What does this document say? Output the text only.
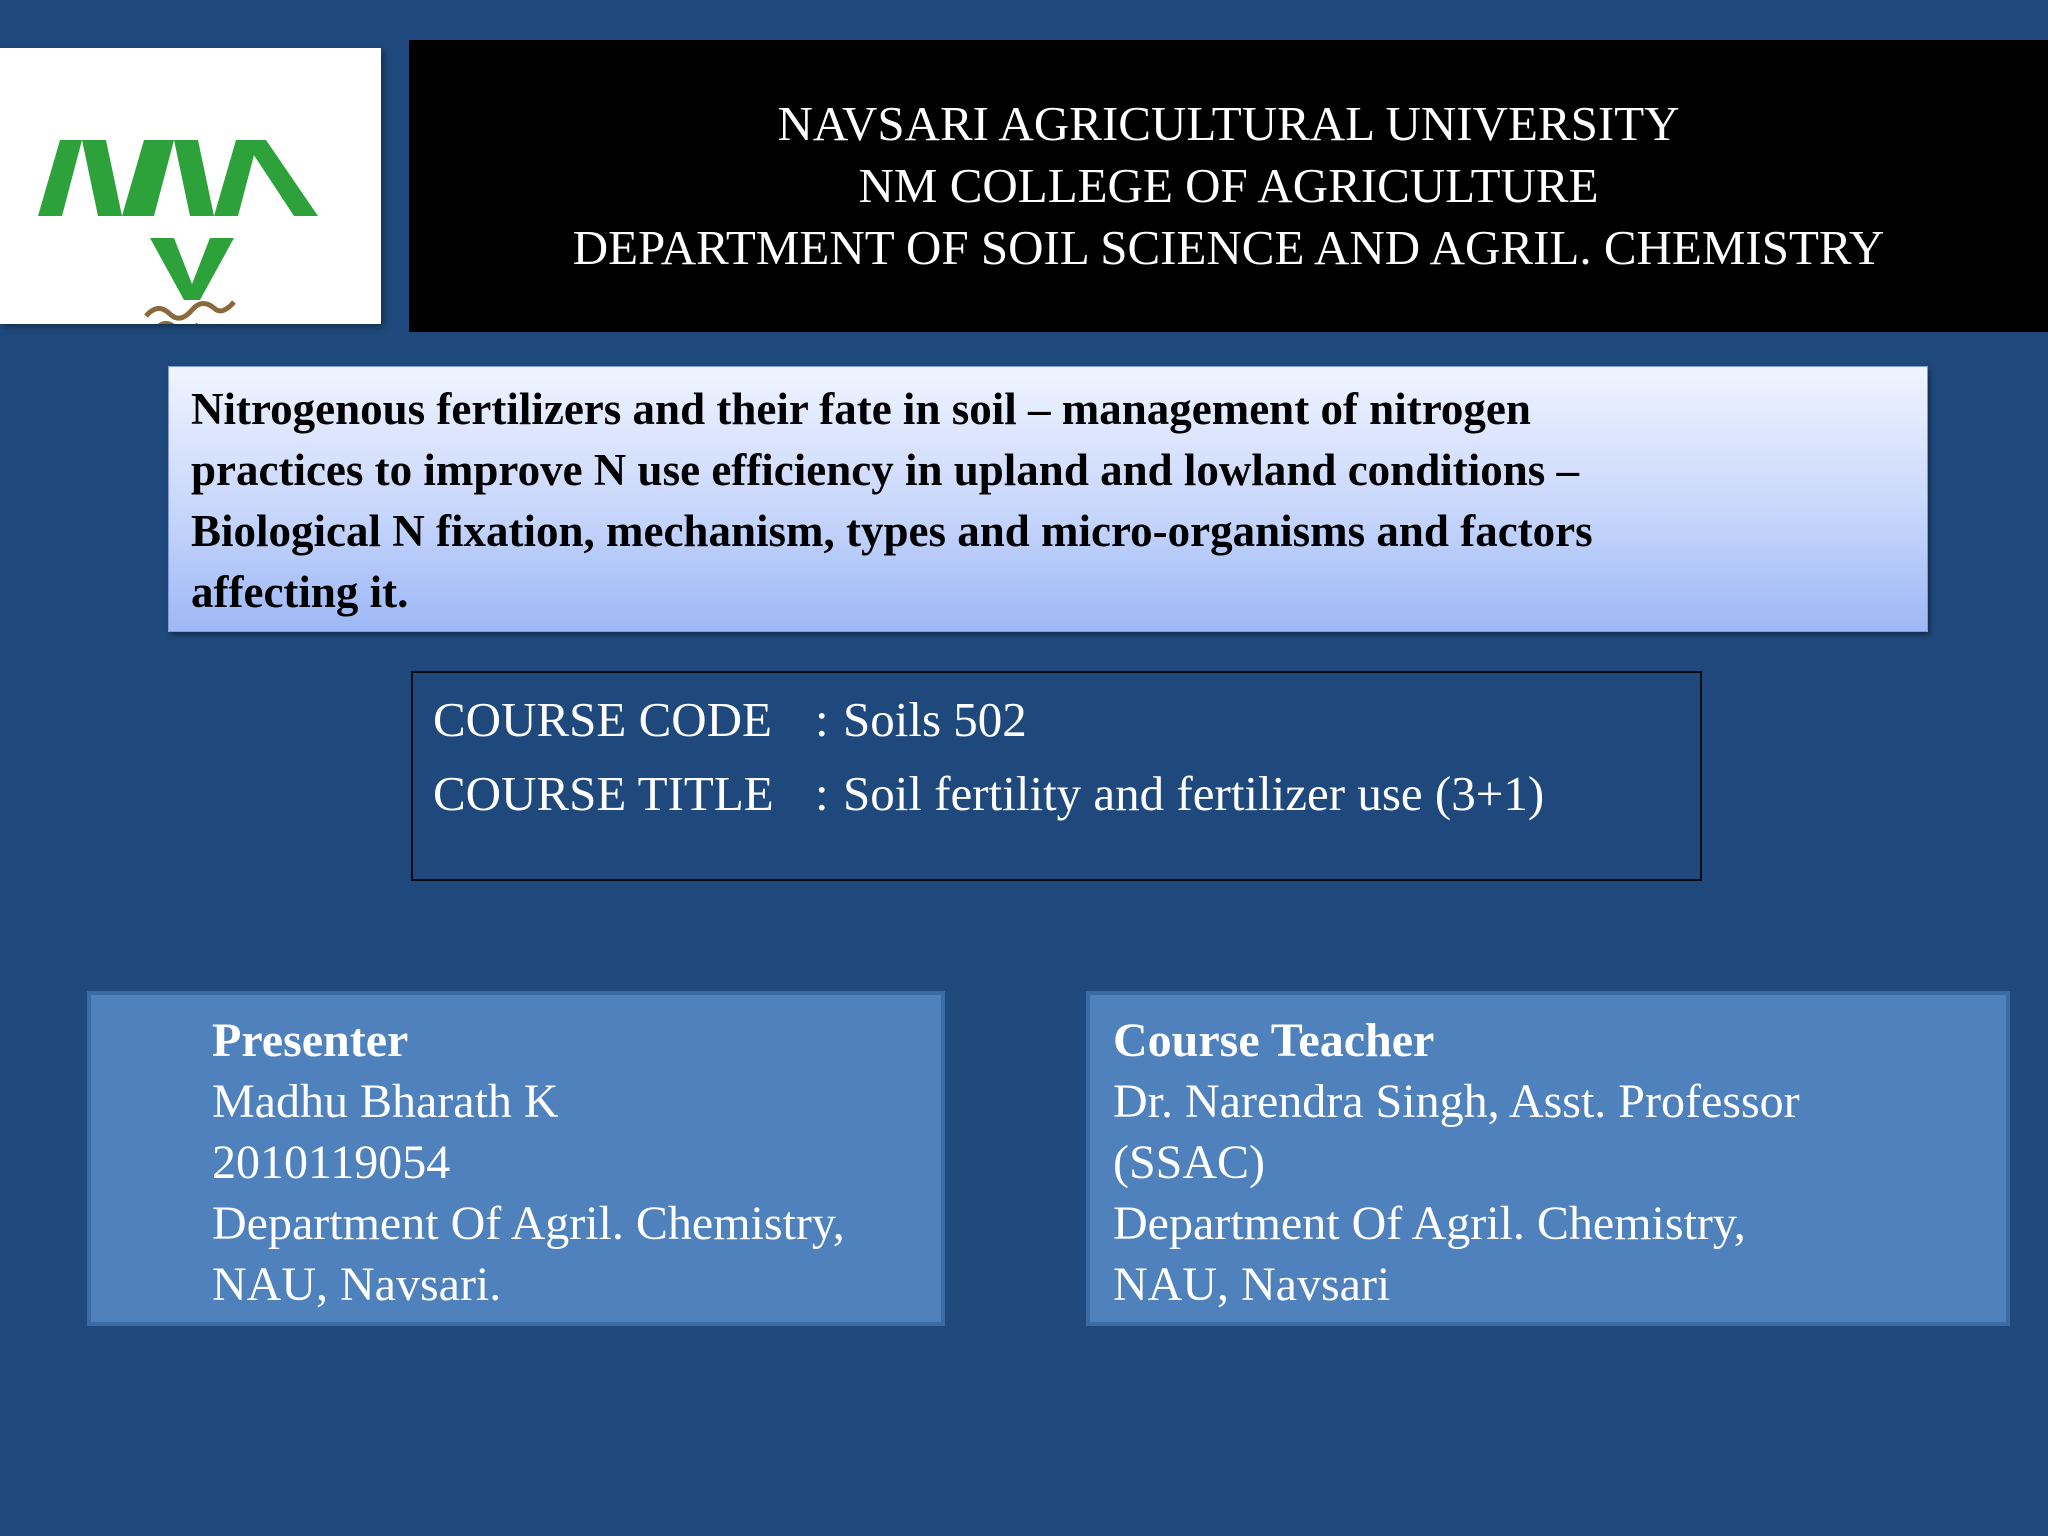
NAVSARI AGRICULTURAL UNIVERSITY
NM COLLEGE OF AGRICULTURE
DEPARTMENT OF SOIL SCIENCE AND AGRIL. CHEMISTRY
Nitrogenous fertilizers and their fate in soil – management of nitrogen
practices to improve N use efficiency in upland and lowland conditions –
Biological N fixation, mechanism, types and micro-organisms and factors
affecting it.
COURSE CODE : Soils 502
COURSE TITLE : Soil fertility and fertilizer use (3+1)
Presenter
Madhu Bharath K
2010119054
Department Of Agril. Chemistry,
NAU, Navsari.
Course Teacher
Dr. Narendra Singh, Asst. Professor
(SSAC)
Department Of Agril. Chemistry,
NAU, Navsari
